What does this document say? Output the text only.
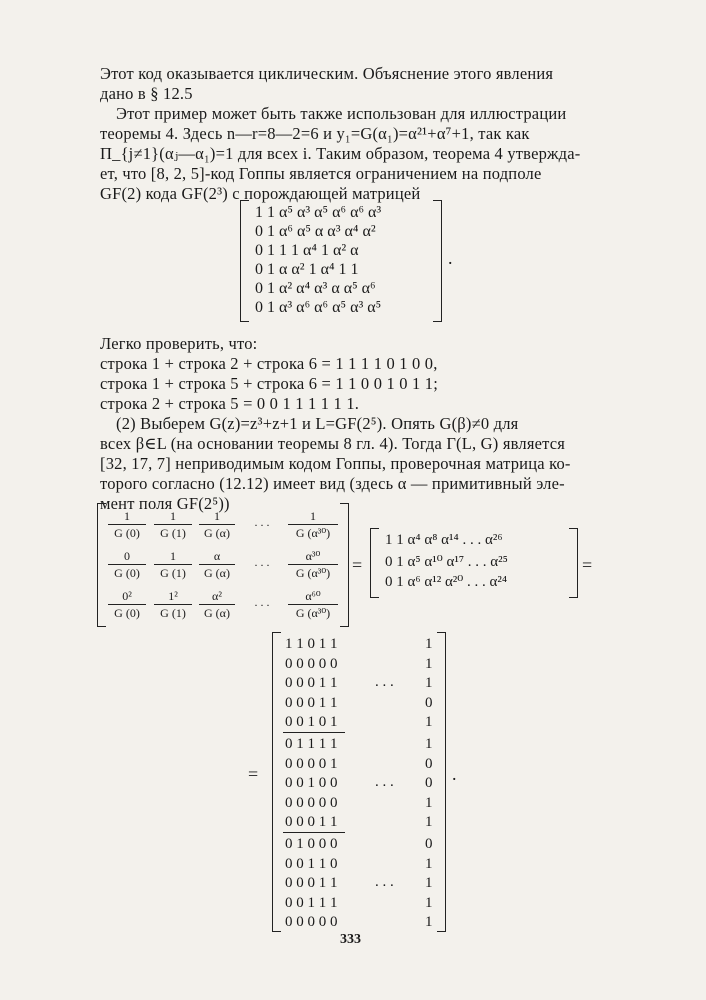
Этот код оказывается циклическим. Объяснение этого явления
дано в § 12.5
Этот пример может быть также использован для иллюстрации
теоремы 4. Здесь n—r=8—2=6 и y₁=G(α₁)=α²¹+α⁷+1, так как
Π_{j≠1}(αⱼ—α₁)=1 для всех i. Таким образом, теорема 4 утвержда-
ет, что [8, 2, 5]-код Гоппы является ограничением на подполе
GF(2) кода GF(2³) с порождающей матрицей
1 1 α⁵ α³ α⁵ α⁶ α⁶ α³
0 1 α⁶ α⁵ α α³ α⁴ α²
0 1 1 1 α⁴ 1 α² α
0 1 α α² 1 α⁴ 1 1
0 1 α² α⁴ α³ α α⁵ α⁶
0 1 α³ α⁶ α⁶ α⁵ α³ α⁵
.
Легко проверить, что:
строка 1 + строка 2 + строка 6 = 1 1 1 1 0 1 0 0,
строка 1 + строка 5 + строка 6 = 1 1 0 0 1 0 1 1;
строка 2 + строка 5 = 0 0 1 1 1 1 1 1.
(2) Выберем G(z)=z³+z+1 и L=GF(2⁵). Опять G(β)≠0 для
всех β∈L (на основании теоремы 8 гл. 4). Тогда Γ(L, G) является
[32, 17, 7] неприводимым кодом Гоппы, проверочная матрица ко-
торого согласно (12.12) имеет вид (здесь α — примитивный эле-
мент поля GF(2⁵))
$\frac{1}{G (0)} \frac{1}{G (1)} \frac{1}{G (\alpha)}$	. . .	$\frac{1}{\text{G (α³⁰)}}$
$\frac{0}{G (0)} \frac{1}{G (1)} \frac{\alpha}{G (\alpha)}$	. . .	$\frac{\text{α³⁰}}{\text{G (α³⁰)}}$
$\frac{\text{0²}}{G (0)} \frac{\text{1²}}{G (1)} \frac{\text{α²}}{G (\alpha)}$	. . .	$\frac{\text{α⁶⁰}}{\text{G (α³⁰)}}$
=
1 1 α⁴ α⁸ α¹⁴ . . . α²⁶
0 1 α⁵ α¹⁰ α¹⁷ . . . α²⁵
0 1 α⁶ α¹² α²⁰ . . . α²⁴
=
=
1 1 0 1 1	1
0 0 0 0 0	1
0 0 0 1 1	1
0 0 0 1 1	0
0 0 1 0 1	1
0 1 1 1 1	1
0 0 0 0 1	0
0 0 1 0 0	0
0 0 0 0 0	1
0 0 0 1 1	1
0 1 0 0 0	0
0 0 1 1 0	1
0 0 0 1 1	1
0 0 1 1 1	1
0 0 0 0 0	1
. . .
. . .
. . .
.
333
